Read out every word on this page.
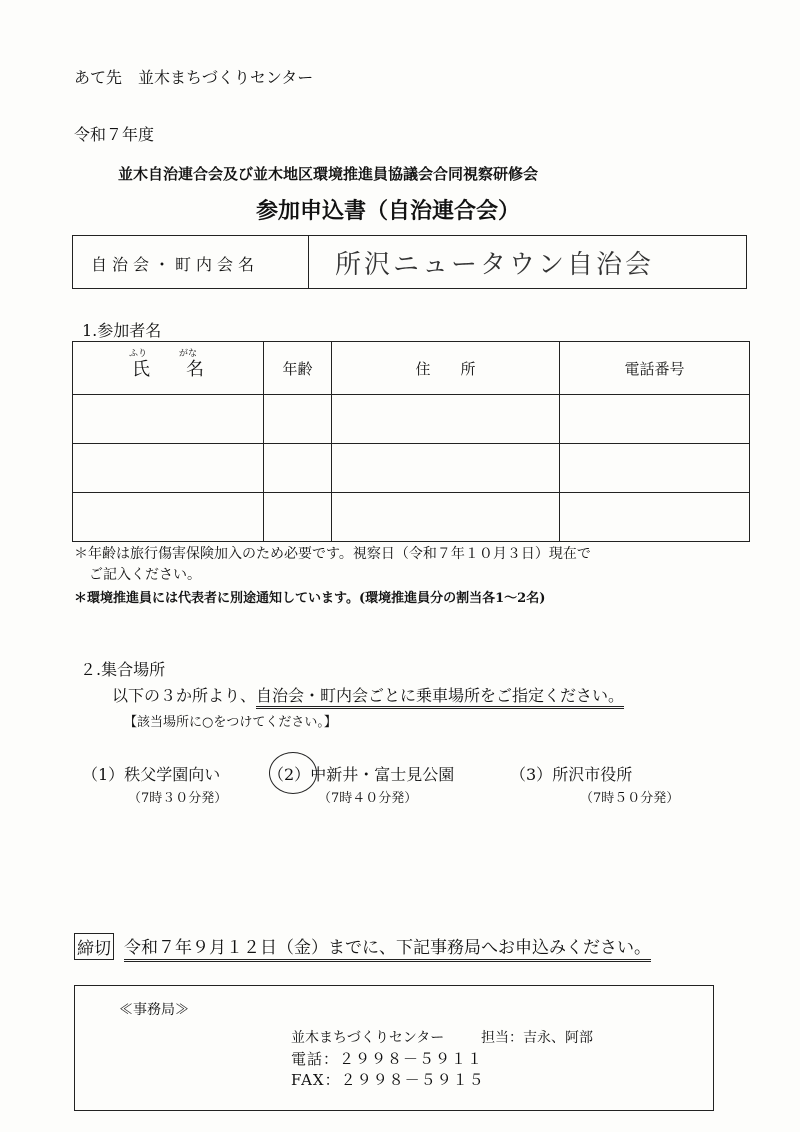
あて先　並木まちづくりセンター
令和７年度
並木自治連合会及び並木地区環境推進員協議会合同視察研修会
参加申込書（自治連合会）
自治会・町内会名	所沢ニュータウン自治会
1.参加者名
ふり がな
氏　　名	年齢	住　　所	電話番号

＊年齢は旅行傷害保険加入のため必要です。視察日（令和７年１０月３日）現在で
ご記入ください。
＊環境推進員には代表者に別途通知しています。(環境推進員分の割当各1～2名)
２.集合場所
以下の３か所より、自治会・町内会ごとに乗車場所をご指定ください。
【該当場所に○をつけてください。】
（1）秩父学園向い
（7時３０分発）
（2）中新井・富士見公園
（7時４０分発）
（3）所沢市役所
（7時５０分発）
締切 令和７年９月１２日（金）までに、下記事務局へお申込みください。
≪事務局≫
並木まちづくりセンター	担当：吉永、阿部
電話：２９９８－５９１１
FAX：２９９８－５９１５
